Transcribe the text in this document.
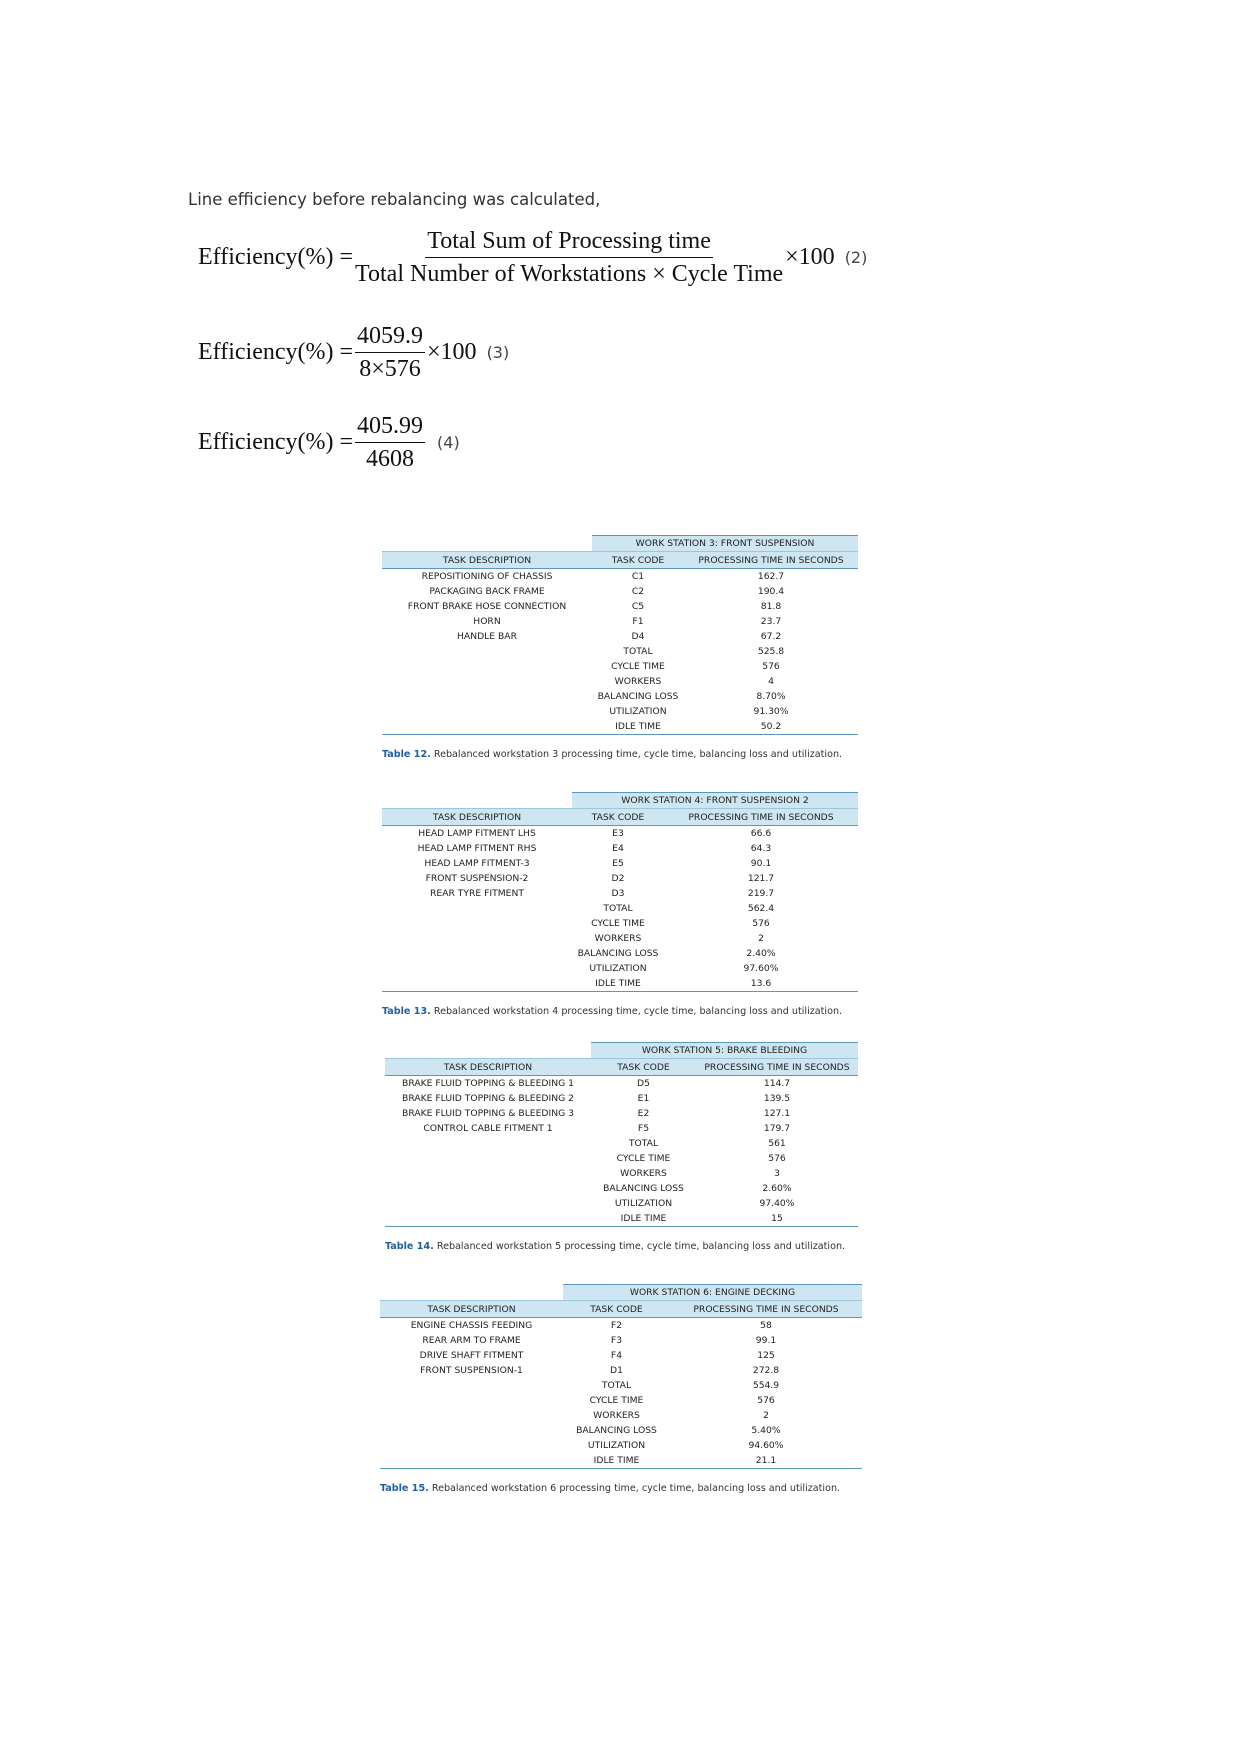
Line efficiency before rebalancing was calculated,
Efficiency(%) = $\frac{\text{Total Sum of Processing time}}{\text{Total Number of Workstations × Cycle Time}} \times 100$ (2)
Efficiency(%) = $\frac{4059.9}{8\times 576} \times 100$ (3)
Efficiency(%) = $\frac{405.99}{4608} (4)$
	WORK STATION 3: FRONT SUSPENSION	
TASK DESCRIPTION	TASK CODE	PROCESSING TIME IN SECONDS
REPOSITIONING OF CHASSIS	C1	162.7
PACKAGING BACK FRAME	C2	190.4
FRONT BRAKE HOSE CONNECTION	C5	81.8
HORN	F1	23.7
HANDLE BAR	D4	67.2
	TOTAL	525.8
	CYCLE TIME	576
	WORKERS	4
	BALANCING LOSS	8.70%
	UTILIZATION	91.30%
	IDLE TIME	50.2
Table 12. Rebalanced workstation 3 processing time, cycle time, balancing loss and utilization.
	WORK STATION 4: FRONT SUSPENSION 2	
TASK DESCRIPTION	TASK CODE	PROCESSING TIME IN SECONDS
HEAD LAMP FITMENT LHS	E3	66.6
HEAD LAMP FITMENT RHS	E4	64.3
HEAD LAMP FITMENT-3	E5	90.1
FRONT SUSPENSION-2	D2	121.7
REAR TYRE FITMENT	D3	219.7
	TOTAL	562.4
	CYCLE TIME	576
	WORKERS	2
	BALANCING LOSS	2.40%
	UTILIZATION	97.60%
	IDLE TIME	13.6
Table 13. Rebalanced workstation 4 processing time, cycle time, balancing loss and utilization.
	WORK STATION 5: BRAKE BLEEDING	
TASK DESCRIPTION	TASK CODE	PROCESSING TIME IN SECONDS
BRAKE FLUID TOPPING & BLEEDING 1	D5	114.7
BRAKE FLUID TOPPING & BLEEDING 2	E1	139.5
BRAKE FLUID TOPPING & BLEEDING 3	E2	127.1
CONTROL CABLE FITMENT 1	F5	179.7
	TOTAL	561
	CYCLE TIME	576
	WORKERS	3
	BALANCING LOSS	2.60%
	UTILIZATION	97.40%
	IDLE TIME	15
Table 14. Rebalanced workstation 5 processing time, cycle time, balancing loss and utilization.
	WORK STATION 6: ENGINE DECKING	
TASK DESCRIPTION	TASK CODE	PROCESSING TIME IN SECONDS
ENGINE CHASSIS FEEDING	F2	58
REAR ARM TO FRAME	F3	99.1
DRIVE SHAFT FITMENT	F4	125
FRONT SUSPENSION-1	D1	272.8
	TOTAL	554.9
	CYCLE TIME	576
	WORKERS	2
	BALANCING LOSS	5.40%
	UTILIZATION	94.60%
	IDLE TIME	21.1
Table 15. Rebalanced workstation 6 processing time, cycle time, balancing loss and utilization.
